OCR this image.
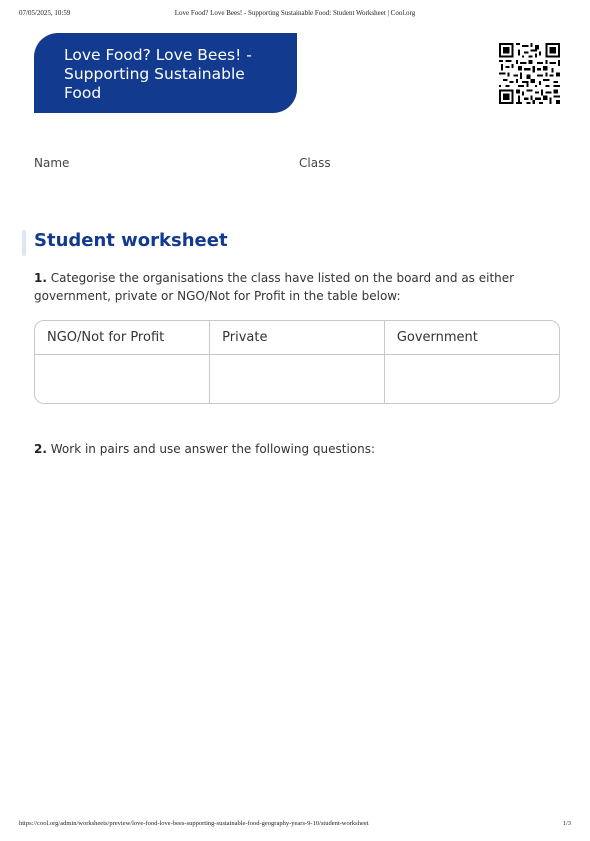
07/05/2025, 10:59	Love Food? Love Bees! - Supporting Sustainable Food: Student Worksheet | Cool.org
Love Food? Love Bees! - Supporting Sustainable Food
Name	Class
Student worksheet
1. Categorise the organisations the class have listed on the board and as either government, private or NGO/Not for Profit in the table below:
NGO/Not for Profit	Private	Government

2. Work in pairs and use answer the following questions:
https://cool.org/admin/worksheets/preview/love-food-love-bees-supporting-sustainable-food-geography-years-9-10/student-worksheet	1/3
